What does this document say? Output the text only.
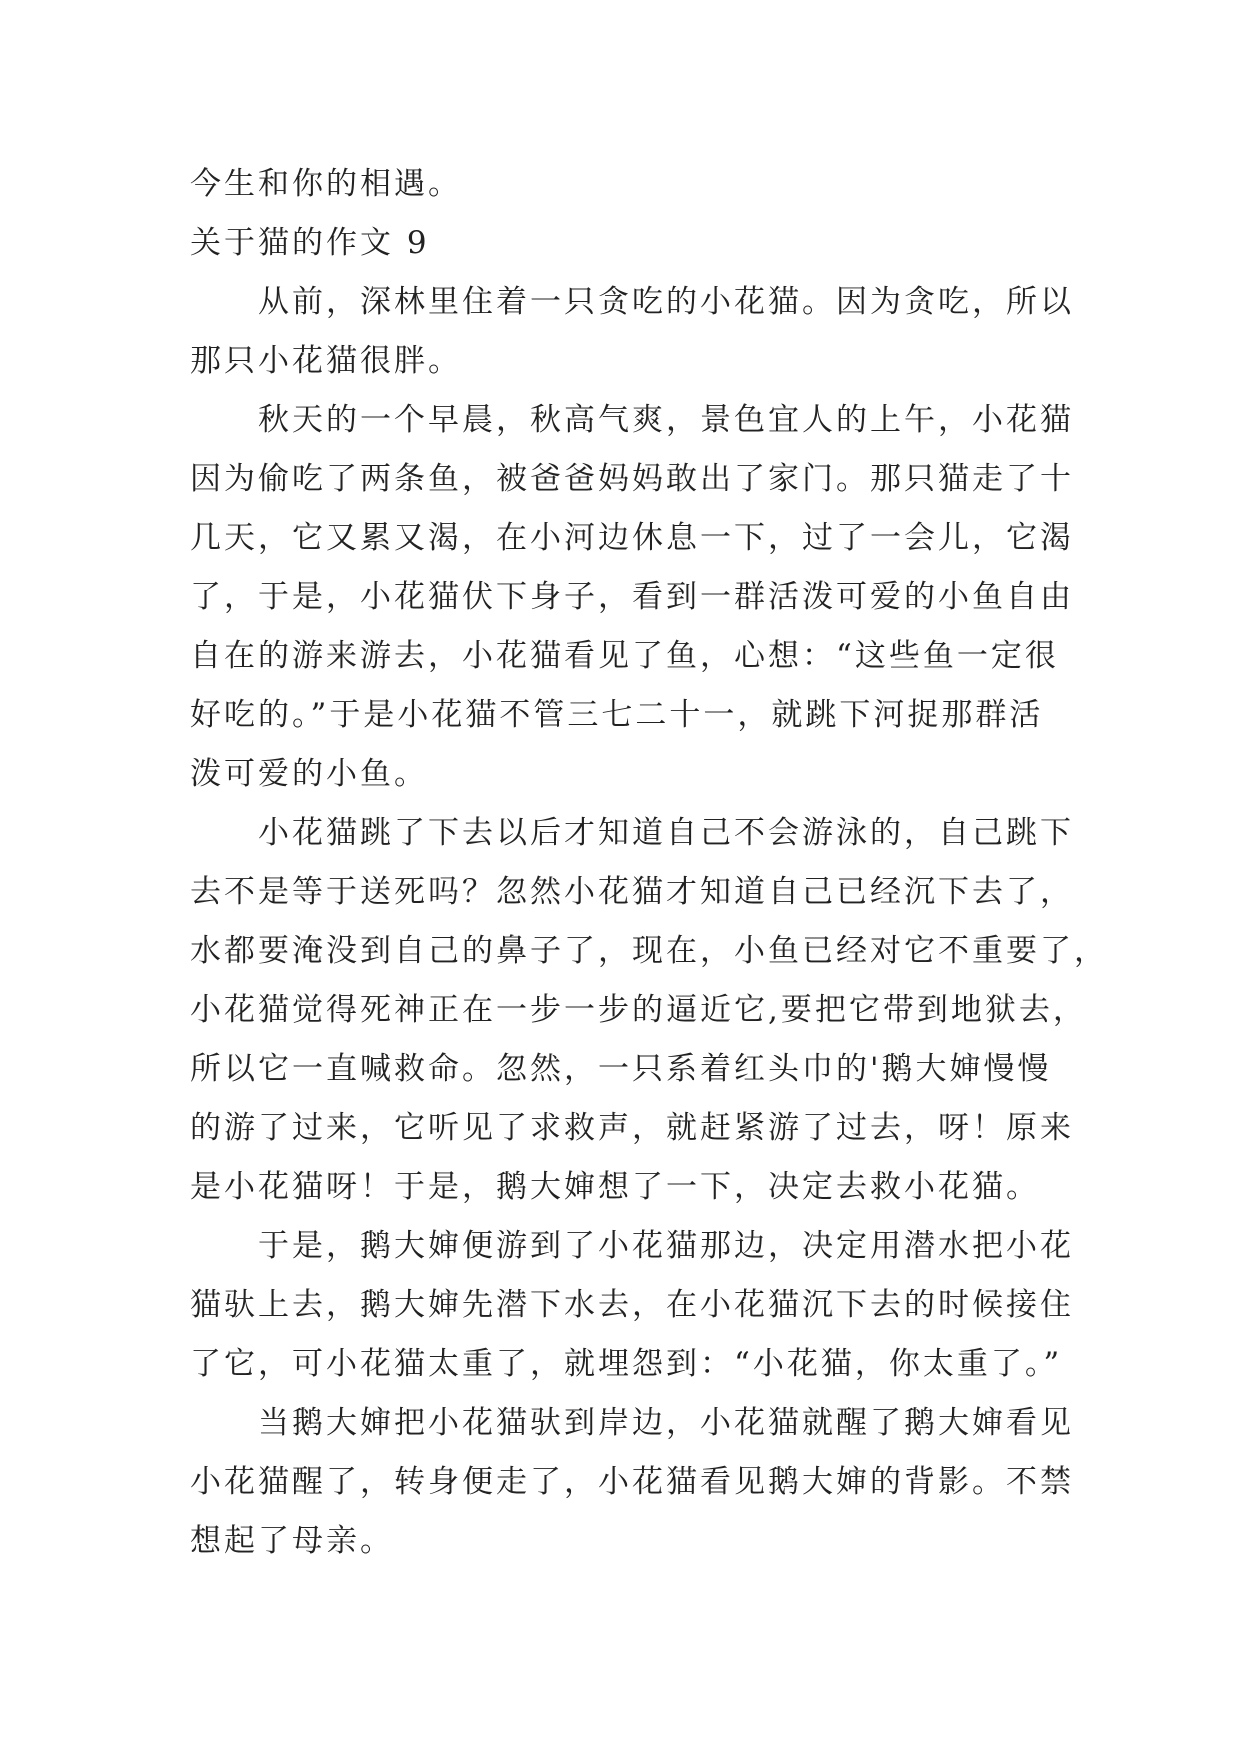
今生和你的相遇。
关于猫的作文 9
从前，深林里住着一只贪吃的小花猫。因为贪吃，所以
那只小花猫很胖。
秋天的一个早晨，秋高气爽，景色宜人的上午，小花猫
因为偷吃了两条鱼，被爸爸妈妈敢出了家门。那只猫走了十
几天，它又累又渴，在小河边休息一下，过了一会儿，它渴
了，于是，小花猫伏下身子，看到一群活泼可爱的小鱼自由
自在的游来游去，小花猫看见了鱼，心想：“这些鱼一定很
好吃的。”于是小花猫不管三七二十一，就跳下河捉那群活
泼可爱的小鱼。
小花猫跳了下去以后才知道自己不会游泳的，自己跳下
去不是等于送死吗？忽然小花猫才知道自己已经沉下去了，
水都要淹没到自己的鼻子了，现在，小鱼已经对它不重要了，
小花猫觉得死神正在一步一步的逼近它,要把它带到地狱去，
所以它一直喊救命。忽然，一只系着红头巾的'鹅大婶慢慢
的游了过来，它听见了求救声，就赶紧游了过去，呀！原来
是小花猫呀！于是，鹅大婶想了一下，决定去救小花猫。
于是，鹅大婶便游到了小花猫那边，决定用潜水把小花
猫驮上去，鹅大婶先潜下水去，在小花猫沉下去的时候接住
了它，可小花猫太重了，就埋怨到：“小花猫，你太重了。”
当鹅大婶把小花猫驮到岸边，小花猫就醒了鹅大婶看见
小花猫醒了，转身便走了，小花猫看见鹅大婶的背影。不禁
想起了母亲。
